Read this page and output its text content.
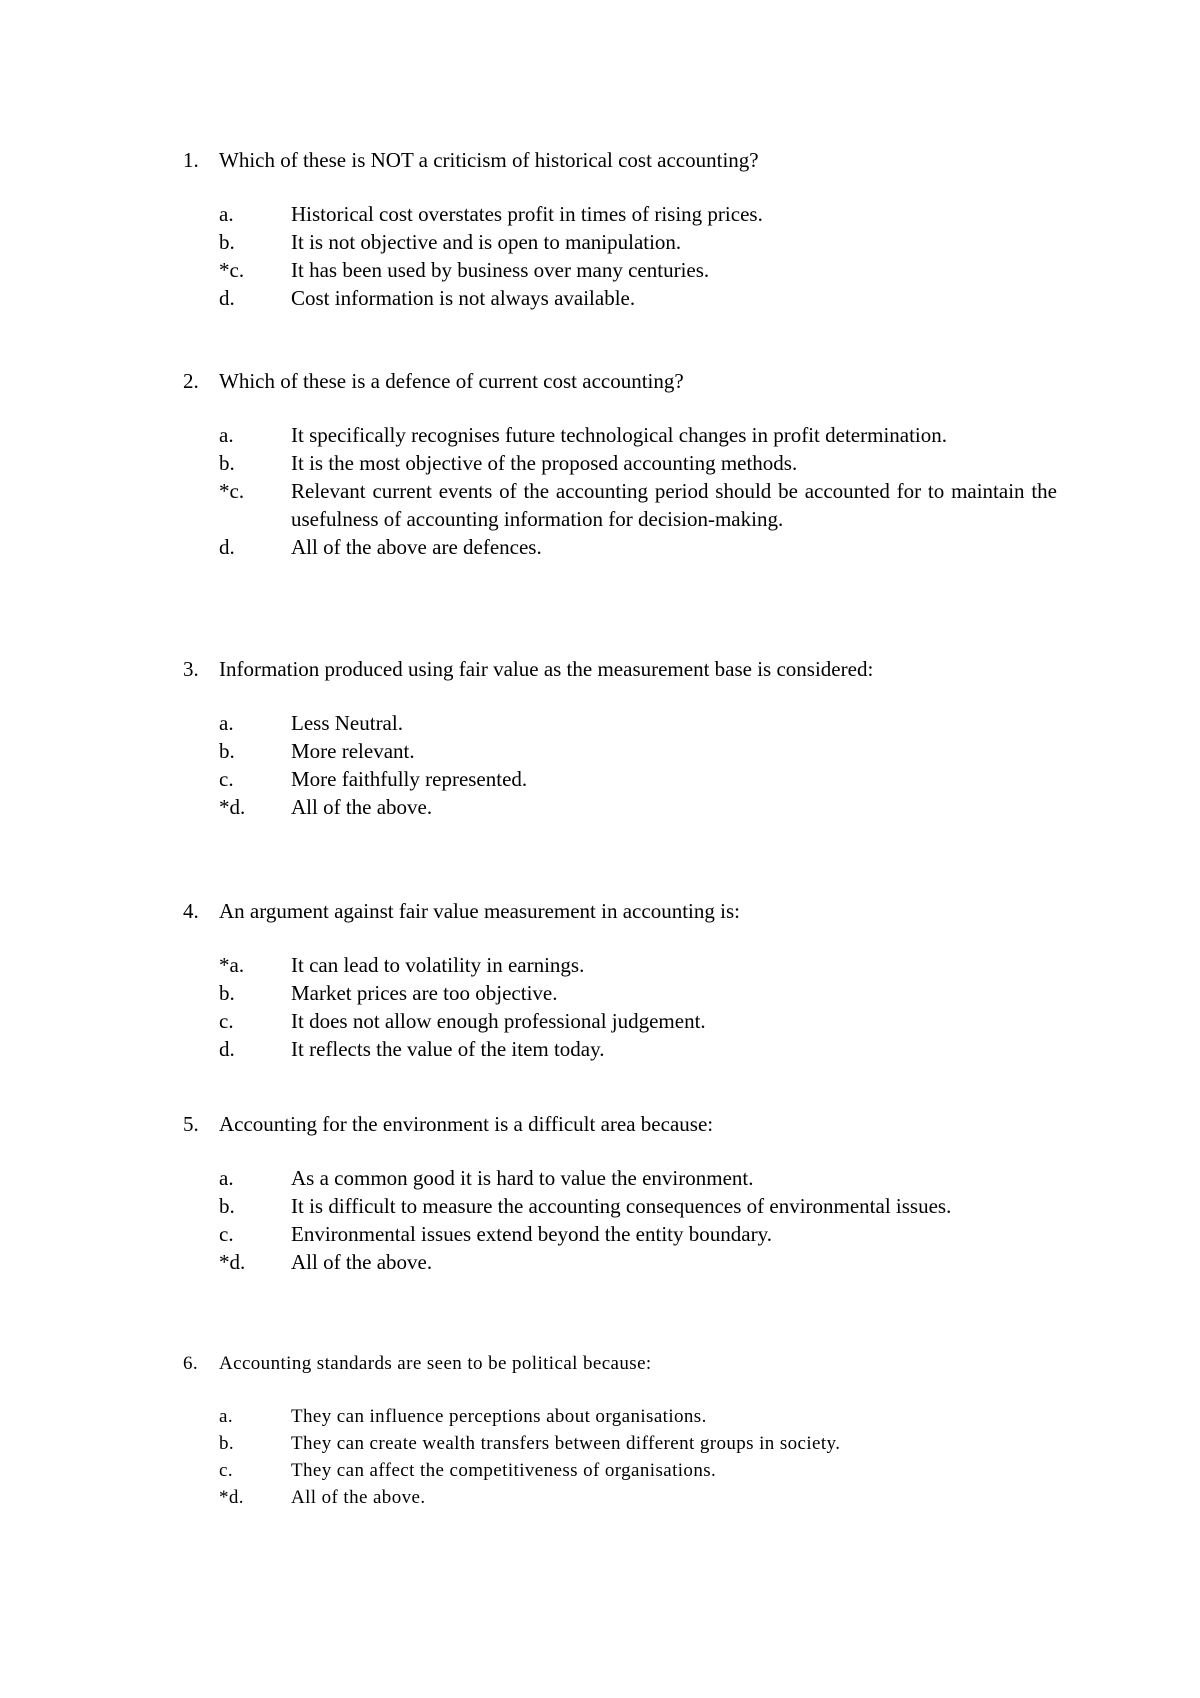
1. Which of these is NOT a criticism of historical cost accounting?
a.	Historical cost overstates profit in times of rising prices.
b.	It is not objective and is open to manipulation.
*c. It has been used by business over many centuries.
d.	Cost information is not always available.
2. Which of these is a defence of current cost accounting?
a.	It specifically recognises future technological changes in profit determination.
b.	It is the most objective of the proposed accounting methods.
*c. Relevant current events of the accounting period should be accounted for to maintain the usefulness of accounting information for decision-making.
d.	All of the above are defences.
3. Information produced using fair value as the measurement base is considered:
a.	Less Neutral.
b.	More relevant.
c.	More faithfully represented.
*d. All of the above.
4. An argument against fair value measurement in accounting is:
*a. It can lead to volatility in earnings.
b.	Market prices are too objective.
c.	It does not allow enough professional judgement.
d.	It reflects the value of the item today.
5. Accounting for the environment is a difficult area because:
a.	As a common good it is hard to value the environment.
b.	It is difficult to measure the accounting consequences of environmental issues.
c.	Environmental issues extend beyond the entity boundary.
*d. All of the above.
6. Accounting standards are seen to be political because:
a.	They can influence perceptions about organisations.
b.	They can create wealth transfers between different groups in society.
c.	They can affect the competitiveness of organisations.
*d. All of the above.
